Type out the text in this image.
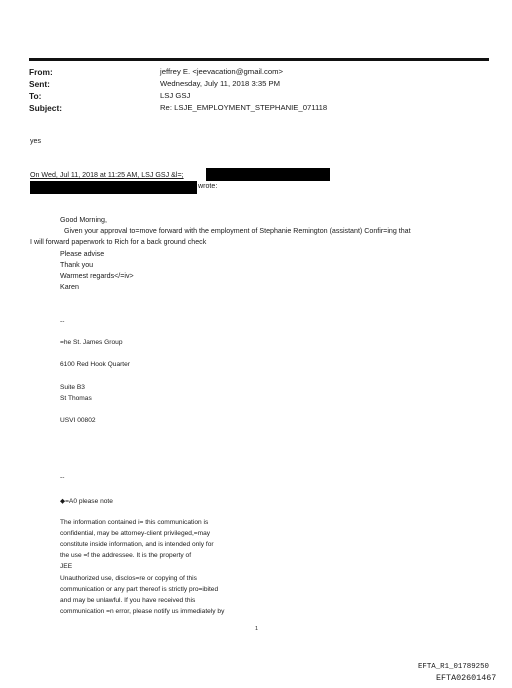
From:	jeffrey E. <jeevacation@gmail.com>
Sent:	Wednesday, July 11, 2018 3:35 PM
To:	LSJ GSJ
Subject:	Re: LSJE_EMPLOYMENT_STEPHANIE_071118
yes
On Wed, Jul 11, 2018 at 11:25 AM, LSJ GSJ &l=;
wrote:
Good Morning,
Given your approval to=move forward with the employment of Stephanie Remington (assistant) Confir=ing that
I will forward paperwork to Rich for a back ground check
Please advise
Thank you
Warmest regards</=iv>
Karen
--
=he St. James Group
6100 Red Hook Quarter
Suite B3
St Thomas
USVI 00802
--
◆=A0 please note
The information contained i= this communication is
confidential, may be attorney-client privileged,=may
constitute inside information, and is intended only for
the use =f the addressee. It is the property of
JEE
Unauthorized use, disclos=re or copying of this
communication or any part thereof is strictly pro=ibited
and may be unlawful. If you have received this
communication =n error, please notify us immediately by
1
EFTA_R1_01789250
EFTA02601467
